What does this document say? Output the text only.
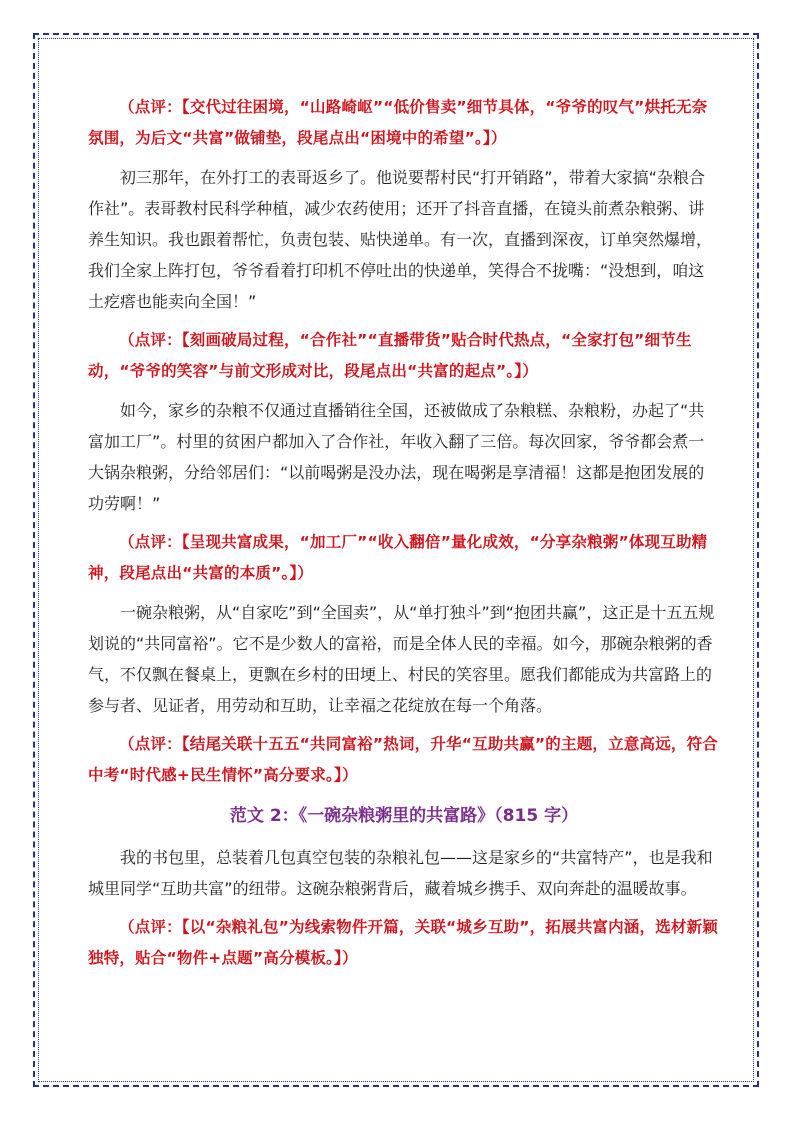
（点评：【交代过往困境，“山路崎岖”“低价售卖”细节具体，“爷爷的叹气”烘托无奈氛围，为后文“共富”做铺垫，段尾点出“困境中的希望”。】）

初三那年，在外打工的表哥返乡了。他说要帮村民“打开销路”，带着大家搞“杂粮合作社”。表哥教村民科学种植，减少农药使用；还开了抖音直播，在镜头前煮杂粮粥、讲养生知识。我也跟着帮忙，负责包装、贴快递单。有一次，直播到深夜，订单突然爆增，我们全家上阵打包，爷爷看着打印机不停吐出的快递单，笑得合不拢嘴：“没想到，咱这土疙瘩也能卖向全国！”

（点评：【刻画破局过程，“合作社”“直播带货”贴合时代热点，“全家打包”细节生动，“爷爷的笑容”与前文形成对比，段尾点出“共富的起点”。】）

如今，家乡的杂粮不仅通过直播销往全国，还被做成了杂粮糕、杂粮粉，办起了“共富加工厂”。村里的贫困户都加入了合作社，年收入翻了三倍。每次回家，爷爷都会煮一大锅杂粮粥，分给邻居们：“以前喝粥是没办法，现在喝粥是享清福！这都是抱团发展的功劳啊！”

（点评：【呈现共富成果，“加工厂”“收入翻倍”量化成效，“分享杂粮粥”体现互助精神，段尾点出“共富的本质”。】）

一碗杂粮粥，从“自家吃”到“全国卖”，从“单打独斗”到“抱团共赢”，这正是十五五规划说的“共同富裕”。它不是少数人的富裕，而是全体人民的幸福。如今，那碗杂粮粥的香气，不仅飘在餐桌上，更飘在乡村的田埂上、村民的笑容里。愿我们都能成为共富路上的参与者、见证者，用劳动和互助，让幸福之花绽放在每一个角落。

（点评：【结尾关联十五五“共同富裕”热词，升华“互助共赢”的主题，立意高远，符合中考“时代感+民生情怀”高分要求。】）

范文 2：《一碗杂粮粥里的共富路》（815 字）

我的书包里，总装着几包真空包装的杂粮礼包——这是家乡的“共富特产”，也是我和城里同学“互助共富”的纽带。这碗杂粮粥背后，藏着城乡携手、双向奔赴的温暖故事。

（点评：【以“杂粮礼包”为线索物件开篇，关联“城乡互助”，拓展共富内涵，选材新颖独特，贴合“物件+点题”高分模板。】）
